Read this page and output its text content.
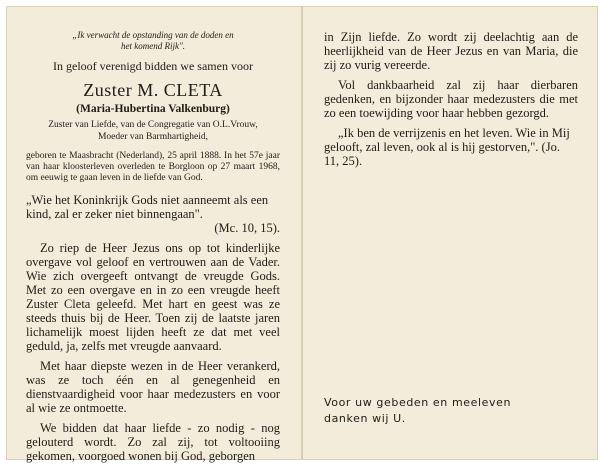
„Ik verwacht de opstanding van de doden en
het komend Rijk".
In geloof verenigd bidden we samen voor
Zuster M. CLETA
(Maria-Hubertina Valkenburg)
Zuster van Liefde, van de Congregatie van O.L.Vrouw,
Moeder van Barmhartigheid,

geboren te Maasbracht (Nederland), 25 april 1888. In het 57e jaar van haar kloosterleven overleden te Borgloon op 27 maart 1968, om eeuwig te gaan leven in de liefde van God.

„Wie het Koninkrijk Gods niet aanneemt als een kind, zal er zeker niet binnengaan".

(Mc. 10, 15).

Zo riep de Heer Jezus ons op tot kinderlijke overgave vol geloof en vertrouwen aan de Vader. Wie zich overgeeft ontvangt de vreugde Gods. Met zo een overgave en in zo een vreugde heeft Zuster Cleta geleefd. Met hart en geest was ze steeds thuis bij de Heer. Toen zij de laatste jaren lichamelijk moest lijden heeft ze dat met veel geduld, ja, zelfs met vreugde aanvaard.

Met haar diepste wezen in de Heer verankerd, was ze toch één en al genegenheid en dienstvaardigheid voor haar medezusters en voor al wie ze ontmoette.

We bidden dat haar liefde - zo nodig - nog gelouterd wordt. Zo zal zij, tot voltooiing gekomen, voorgoed wonen bij God, geborgen

in Zijn liefde. Zo wordt zij deelachtig aan de heerlijkheid van de Heer Jezus en van Maria, die zij zo vurig vereerde.

Vol dankbaarheid zal zij haar dierbaren gedenken, en bijzonder haar medezusters die met zo een toewijding voor haar hebben gezorgd.

„Ik ben de verrijzenis en het leven. Wie in Mij gelooft, zal leven, ook al is hij gestorven,". (Jo. 11, 25).

Voor uw gebeden en meeleven
danken wij U.
